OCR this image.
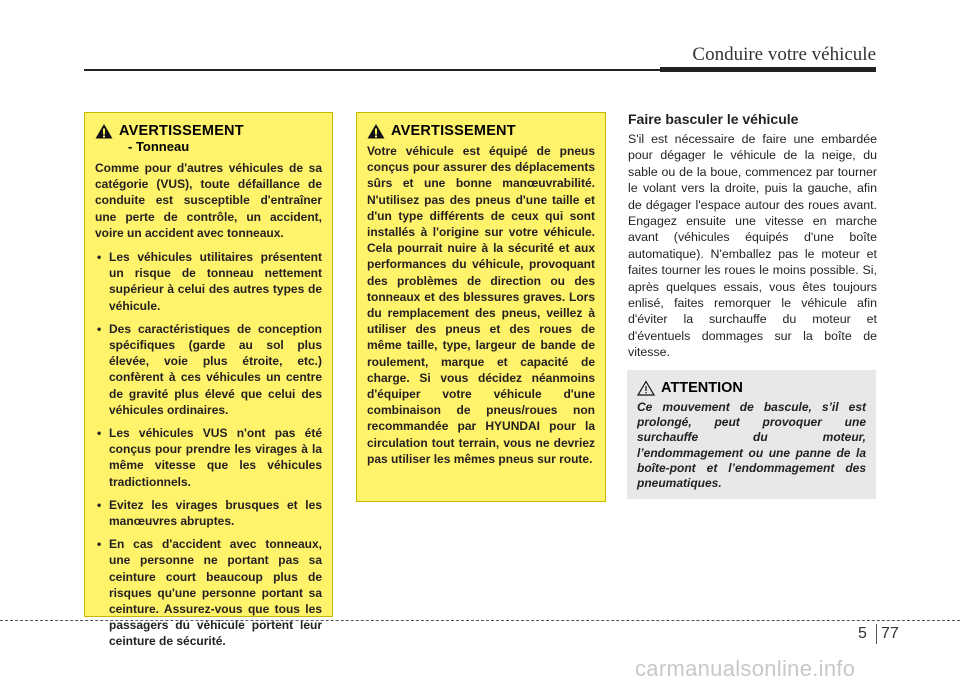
Conduire votre véhicule
AVERTISSEMENT
- Tonneau
Comme pour d'autres véhicules de sa catégorie (VUS), toute défaillance de conduite est susceptible d'entraîner une perte de contrôle, un accident, voire un accident avec tonneaux.
• Les véhicules utilitaires présentent un risque de tonneau nettement supérieur à celui des autres types de véhicule.
• Des caractéristiques de conception spécifiques (garde au sol plus élevée, voie plus étroite, etc.) confèrent à ces véhicules un centre de gravité plus élevé que celui des véhicules ordinaires.
• Les véhicules VUS n'ont pas été conçus pour prendre les virages à la même vitesse que les véhicules tradictionnels.
• Evitez les virages brusques et les manœuvres abruptes.
• En cas d'accident avec tonneaux, une personne ne portant pas sa ceinture court beaucoup plus de risques qu'une personne portant sa ceinture. Assurez-vous que tous les passagers du véhicule portent leur ceinture de sécurité.
AVERTISSEMENT
Votre véhicule est équipé de pneus conçus pour assurer des déplacements sûrs et une bonne manœuvrabilité. N'utilisez pas des pneus d'une taille et d'un type différents de ceux qui sont installés à l'origine sur votre véhicule. Cela pourrait nuire à la sécurité et aux performances du véhicule, provoquant des problèmes de direction ou des tonneaux et des blessures graves. Lors du remplacement des pneus, veillez à utiliser des pneus et des roues de même taille, type, largeur de bande de roulement, marque et capacité de charge. Si vous décidez néanmoins d'équiper votre véhicule d'une combinaison de pneus/roues non recommandée par HYUNDAI pour la circulation tout terrain, vous ne devriez pas utiliser les mêmes pneus sur route.
Faire basculer le véhicule
S'il est nécessaire de faire une embardée pour dégager le véhicule de la neige, du sable ou de la boue, commencez par tourner le volant vers la droite, puis la gauche, afin de dégager l'espace autour des roues avant. Engagez ensuite une vitesse en marche avant (véhicules équipés d'une boîte automatique). N'emballez pas le moteur et faites tourner les roues le moins possible. Si, après quelques essais, vous êtes toujours enlisé, faites remorquer le véhicule afin d'éviter la surchauffe du moteur et d'éventuels dommages sur la boîte de vitesse.
ATTENTION
Ce mouvement de bascule, s’il est prolongé, peut provoquer une surchauffe du moteur, l’endommagement ou une panne de la boîte-pont et l’endommagement des pneumatiques.
5 77
carmanualsonline.info
